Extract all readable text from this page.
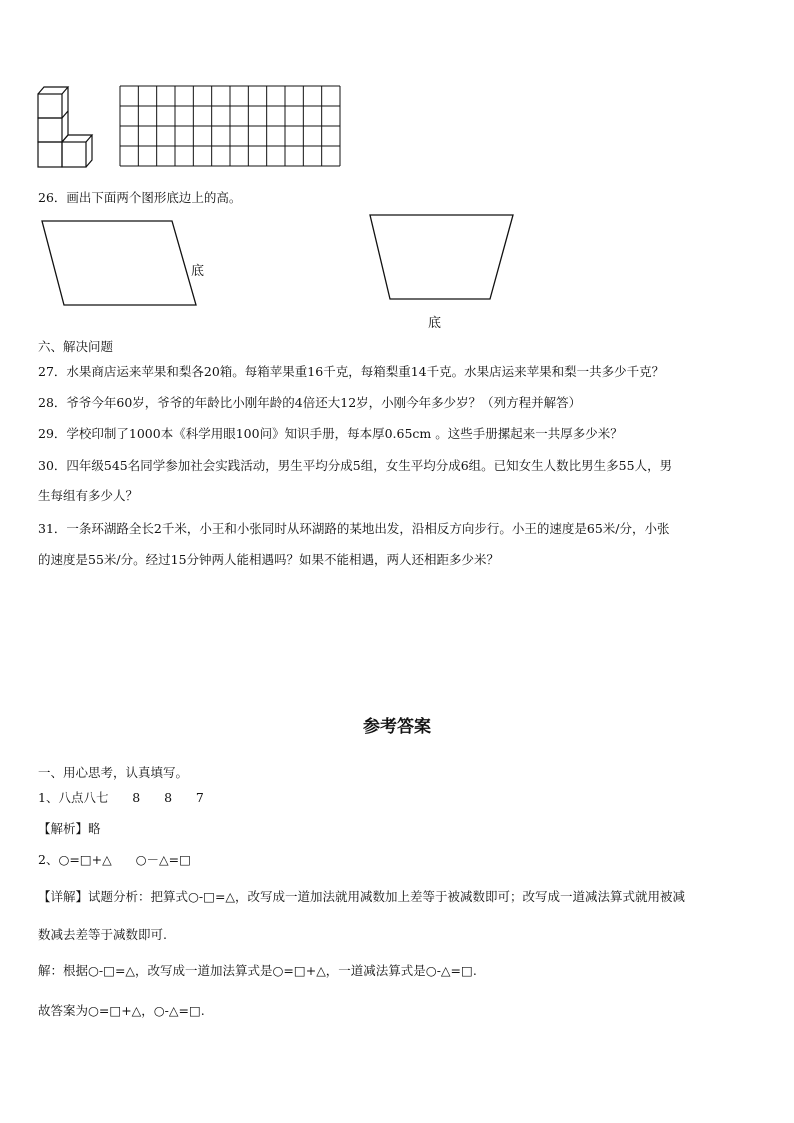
26．画出下面两个图形底边上的高。
底
底
六、解决问题
27．水果商店运来苹果和梨各20箱。每箱苹果重16千克，每箱梨重14千克。水果店运来苹果和梨一共多少千克？
28．爷爷今年60岁，爷爷的年龄比小刚年龄的4倍还大12岁，小刚今年多少岁？（列方程并解答）
29．学校印制了1000本《科学用眼100问》知识手册，每本厚0.65cm 。这些手册摞起来一共厚多少米？
30．四年级545名同学参加社会实践活动，男生平均分成5组，女生平均分成6组。已知女生人数比男生多55人，男
生每组有多少人？
31．一条环湖路全长2千米，小王和小张同时从环湖路的某地出发，沿相反方向步行。小王的速度是65米/分，小张
的速度是55米/分。经过15分钟两人能相遇吗？如果不能相遇，两人还相距多少米？
参考答案
一、用心思考，认真填写。
1、八点八七      8      8      7
【解析】略
2、○=□+△      ○－△=□
【详解】试题分析：把算式○-□=△，改写成一道加法就用减数加上差等于被减数即可；改写成一道减法算式就用被减
数减去差等于减数即可.
解：根据○-□=△，改写成一道加法算式是○=□+△，一道减法算式是○-△=□.
故答案为○=□+△，○-△=□.
